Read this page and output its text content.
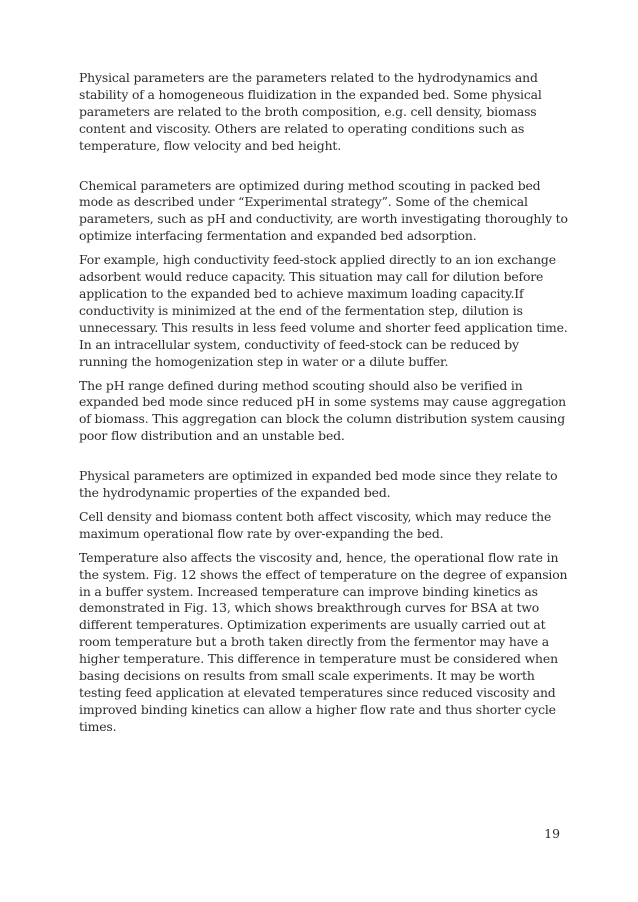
Physical parameters are the parameters related to the hydrodynamics and stability of a homogeneous fluidization in the expanded bed. Some physical parameters are related to the broth composition, e.g. cell density, biomass content and viscosity. Others are related to operating conditions such as temperature, flow velocity and bed height.

Chemical parameters are optimized during method scouting in packed bed mode as described under “Experimental strategy”. Some of the chemical parameters, such as pH and conductivity, are worth investigating thoroughly to optimize interfacing fermentation and expanded bed adsorption.

For example, high conductivity feed-stock applied directly to an ion exchange adsorbent would reduce capacity. This situation may call for dilution before application to the expanded bed to achieve maximum loading capacity.If conductivity is minimized at the end of the fermentation step, dilution is unnecessary. This results in less feed volume and shorter feed application time. In an intracellular system, conductivity of feed-stock can be reduced by running the homogenization step in water or a dilute buffer.

The pH range defined during method scouting should also be verified in expanded bed mode since reduced pH in some systems may cause aggregation of biomass. This aggregation can block the column distribution system causing poor flow distribution and an unstable bed.

Physical parameters are optimized in expanded bed mode since they relate to the hydrodynamic properties of the expanded bed.

Cell density and biomass content both affect viscosity, which may reduce the maximum operational flow rate by over-expanding the bed.

Temperature also affects the viscosity and, hence, the operational flow rate in the system. Fig. 12 shows the effect of temperature on the degree of expansion in a buffer system. Increased temperature can improve binding kinetics as demonstrated in Fig. 13, which shows breakthrough curves for BSA at two different temperatures. Optimization experiments are usually carried out at room temperature but a broth taken directly from the fermentor may have a higher temperature. This difference in temperature must be considered when basing decisions on results from small scale experiments. It may be worth testing feed application at elevated temperatures since reduced viscosity and improved binding kinetics can allow a higher flow rate and thus shorter cycle times.

19
